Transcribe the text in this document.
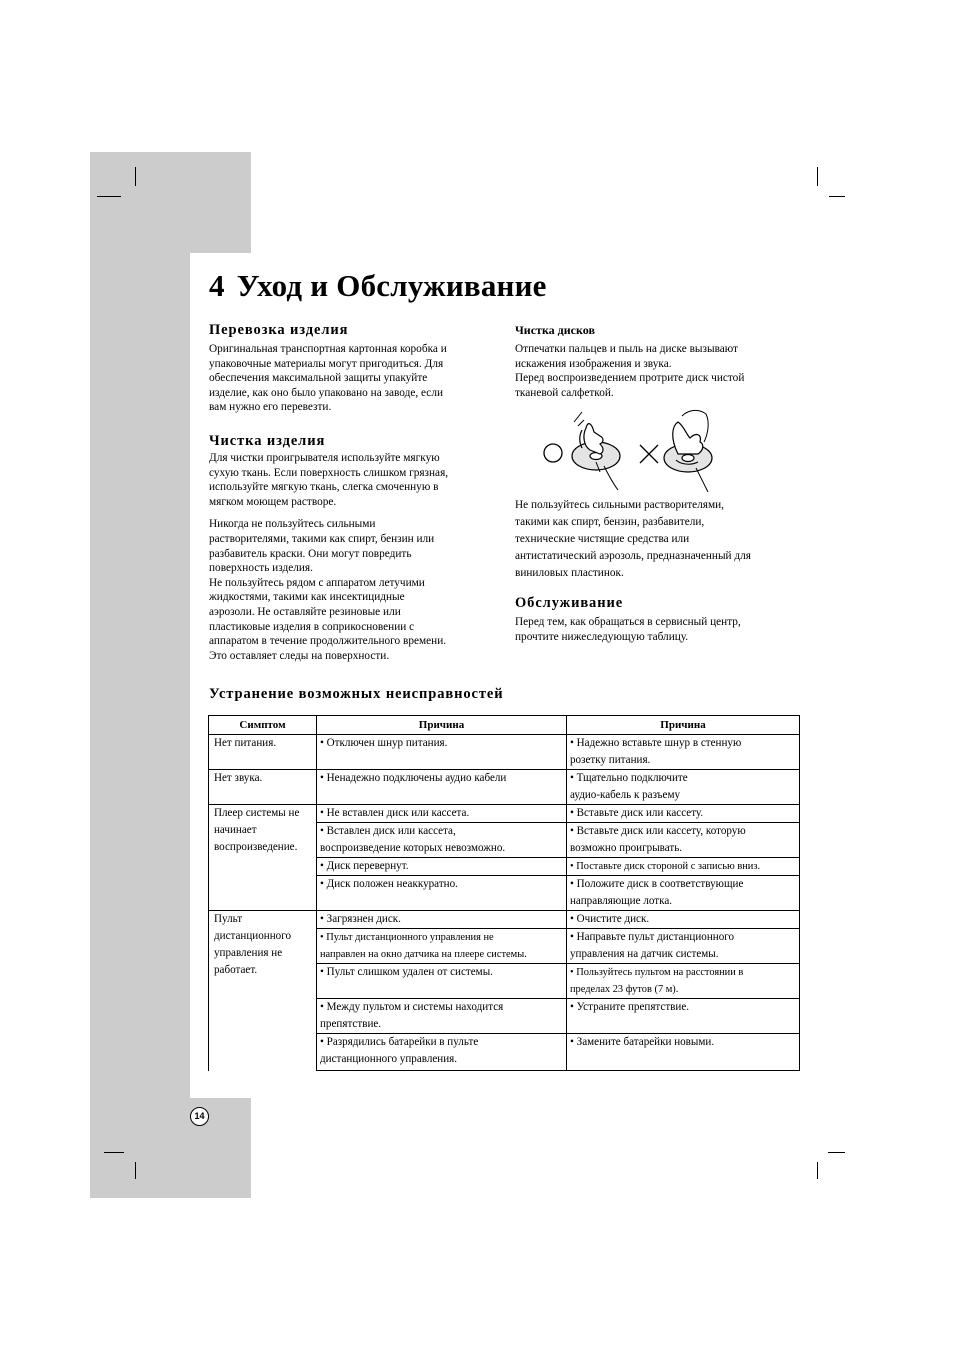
4 Уход и Обслуживание
Перевозка изделия

Оригинальная транспортная картонная коробка и
упаковочные материалы могут пригодиться. Для
обеспечения максимальной защиты упакуйте
изделие, как оно было упаковано на заводе, если
вам нужно его перевезти.

Чистка изделия

Для чистки проигрывателя используйте мягкую
сухую ткань. Если поверхность слишком грязная,
используйте мягкую ткань, слегка смоченную в
мягком моющем растворе.

Никогда не пользуйтесь сильными
растворителями, такими как спирт, бензин или
разбавитель краски. Они могут повредить
поверхность изделия.
Не пользуйтесь рядом с аппаратом летучими
жидкостями, такими как инсектицидные
аэрозоли. Не оставляйте резиновые или
пластиковые изделия в соприкосновении с
аппаратом в течение продолжительного времени.
Это оставляет следы на поверхности.

Чистка дисков

Отпечатки пальцев и пыль на диске вызывают
искажения изображения и звука.
Перед воспроизведением протрите диск чистой
тканевой салфеткой.

Не пользуйтесь сильными растворителями,
такими как спирт, бензин, разбавители,
технические чистящие средства или
антистатический аэрозоль, предназначенный для
виниловых пластинок.

Обслуживание

Перед тем, как обращаться в сервисный центр,
прочтите нижеследующую таблицу.

Устранение возможных неисправностей
Симптом	Причина	Причина
Нет питания.	• Отключен шнур питания.	• Надежно вставьте шнур в стенную
розетку питания.
Нет звука.	• Ненадежно подключены аудио кабели	• Тщательно подключите
аудио-кабель к разъему
Плеер системы не
начинает
воспроизведение.	• Не вставлен диск или кассета.	• Вставьте диск или кассету.
	• Вставлен диск или кассета,
воспроизведение которых невозможно.	• Вставьте диск или кассету, которую
возможно проигрывать.
	• Диск перевернут.	• Поставьте диск стороной с записью вниз.
	• Диск положен неаккуратно.	• Положите диск в соответствующие
направляющие лотка.
Пульт
дистанционного
управления не
работает.	• Загрязнен диск.	• Очистите диск.
	• Пульт дистанционного управления не
направлен на окно датчика на плеере системы.	• Направьте пульт дистанционного
управления на датчик системы.
	• Пульт слишком удален от системы.	• Пользуйтесь пультом на расстоянии в
пределах 23 футов (7 м).
	• Между пультом и системы находится
препятствие.	• Устраните препятствие.
	• Разрядились батарейки в пульте
дистанционного управления.	• Замените батарейки новыми.
14
